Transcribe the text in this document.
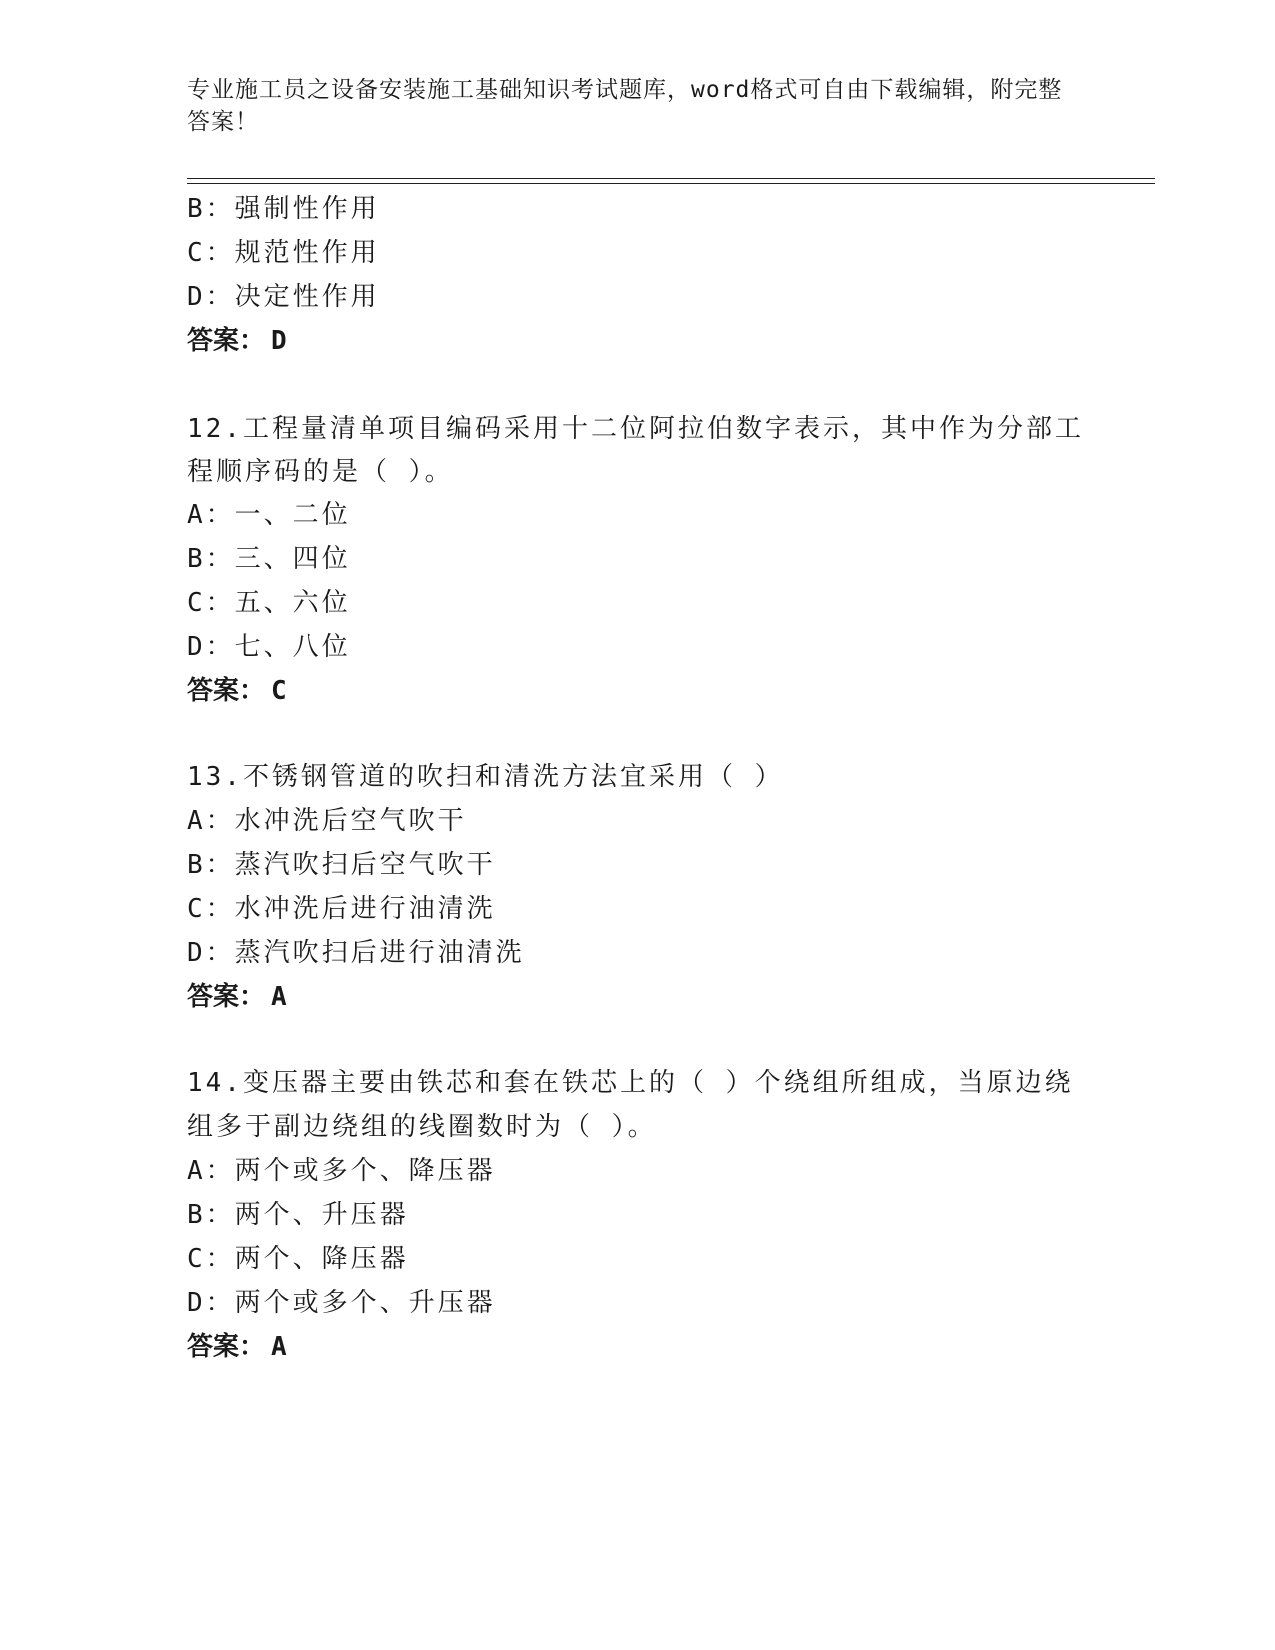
专业施工员之设备安装施工基础知识考试题库，word格式可自由下载编辑，附完整答案！
B：强制性作用
C：规范性作用
D：决定性作用
答案： D
12.工程量清单项目编码采用十二位阿拉伯数字表示，其中作为分部工
程顺序码的是（ ）。
A：一、二位
B：三、四位
C：五、六位
D：七、八位
答案： C
13.不锈钢管道的吹扫和清洗方法宜采用（ ）
A：水冲洗后空气吹干
B：蒸汽吹扫后空气吹干
C：水冲洗后进行油清洗
D：蒸汽吹扫后进行油清洗
答案： A
14.变压器主要由铁芯和套在铁芯上的（ ）个绕组所组成，当原边绕
组多于副边绕组的线圈数时为（ ）。
A：两个或多个、降压器
B：两个、升压器
C：两个、降压器
D：两个或多个、升压器
答案： A
